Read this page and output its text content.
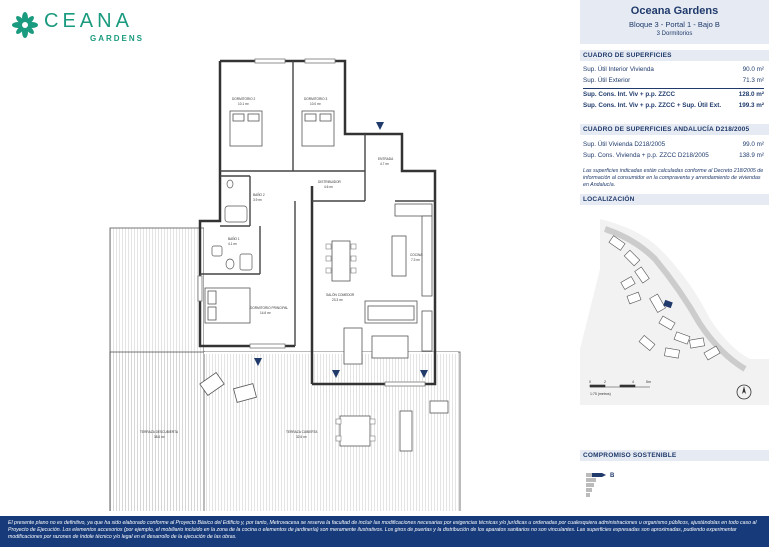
CEANA
GARDENS
DORMITORIO 2
10.1 m²
DORMITORIO 3
10.0 m²
ENTRADA
4.7 m²
DISTRIBUIDOR
4.6 m²
BAÑO 2
3.9 m²
BAÑO 1
4.1 m²
COCINA
7.3 m²
DORMITORIO PRINCIPAL
14.6 m²
SALÓN COMEDOR
23.3 m²
TERRAZA DESCUBIERTA
38.6 m²
TERRAZA CUBIERTA
32.6 m²
Oceana Gardens
Bloque 3 - Portal 1 - Bajo B
3 Dormitorios
CUADRO DE SUPERFICIES
Sup. Útil Interior Vivienda	90.0 m²
Sup. Útil Exterior	71.3 m²
Sup. Cons. Int. Viv + p.p. ZZCC	128.0 m²
Sup. Cons. Int. Viv + p.p. ZZCC + Sup. Útil Ext.	199.3 m²
CUADRO DE SUPERFICIES ANDALUCÍA D218/2005
Sup. Útil Vivienda D218/2005	99.0 m²
Sup. Cons. Vivienda + p.p. ZZCC D218/2005	138.9 m²
Las superficies indicadas están calculadas conforme al Decreto 218/2005 de información al consumidor en la compraventa y arrendamiento de viviendas en Andalucía.
LOCALIZACIÓN
0	2	4	5m
1:75 (metros)
COMPROMISO SOSTENIBLE
B
El presente plano no es definitivo, ya que ha sido elaborado conforme al Proyecto Básico del Edificio y, por tanto, Metrovacesa se reserva la facultad de incluir las modificaciones necesarias por exigencias técnicas y/o jurídicas u ordenadas por cualesquiera administraciones u organismo públicos, ajustándolas en todo caso al Proyecto de Ejecución. Los elementos accesorios (por ejemplo, el mobiliario incluido en la zona de la cocina o elementos de jardinería) son meramente ilustrativos. Los giros de puertas y la distribución de los aparatos sanitarios no son vinculantes. Las superficies expresadas son aproximadas, pudiendo experimentar modificaciones por razones de índole técnico y/o legal en el desarrollo de la ejecución de las obras.
